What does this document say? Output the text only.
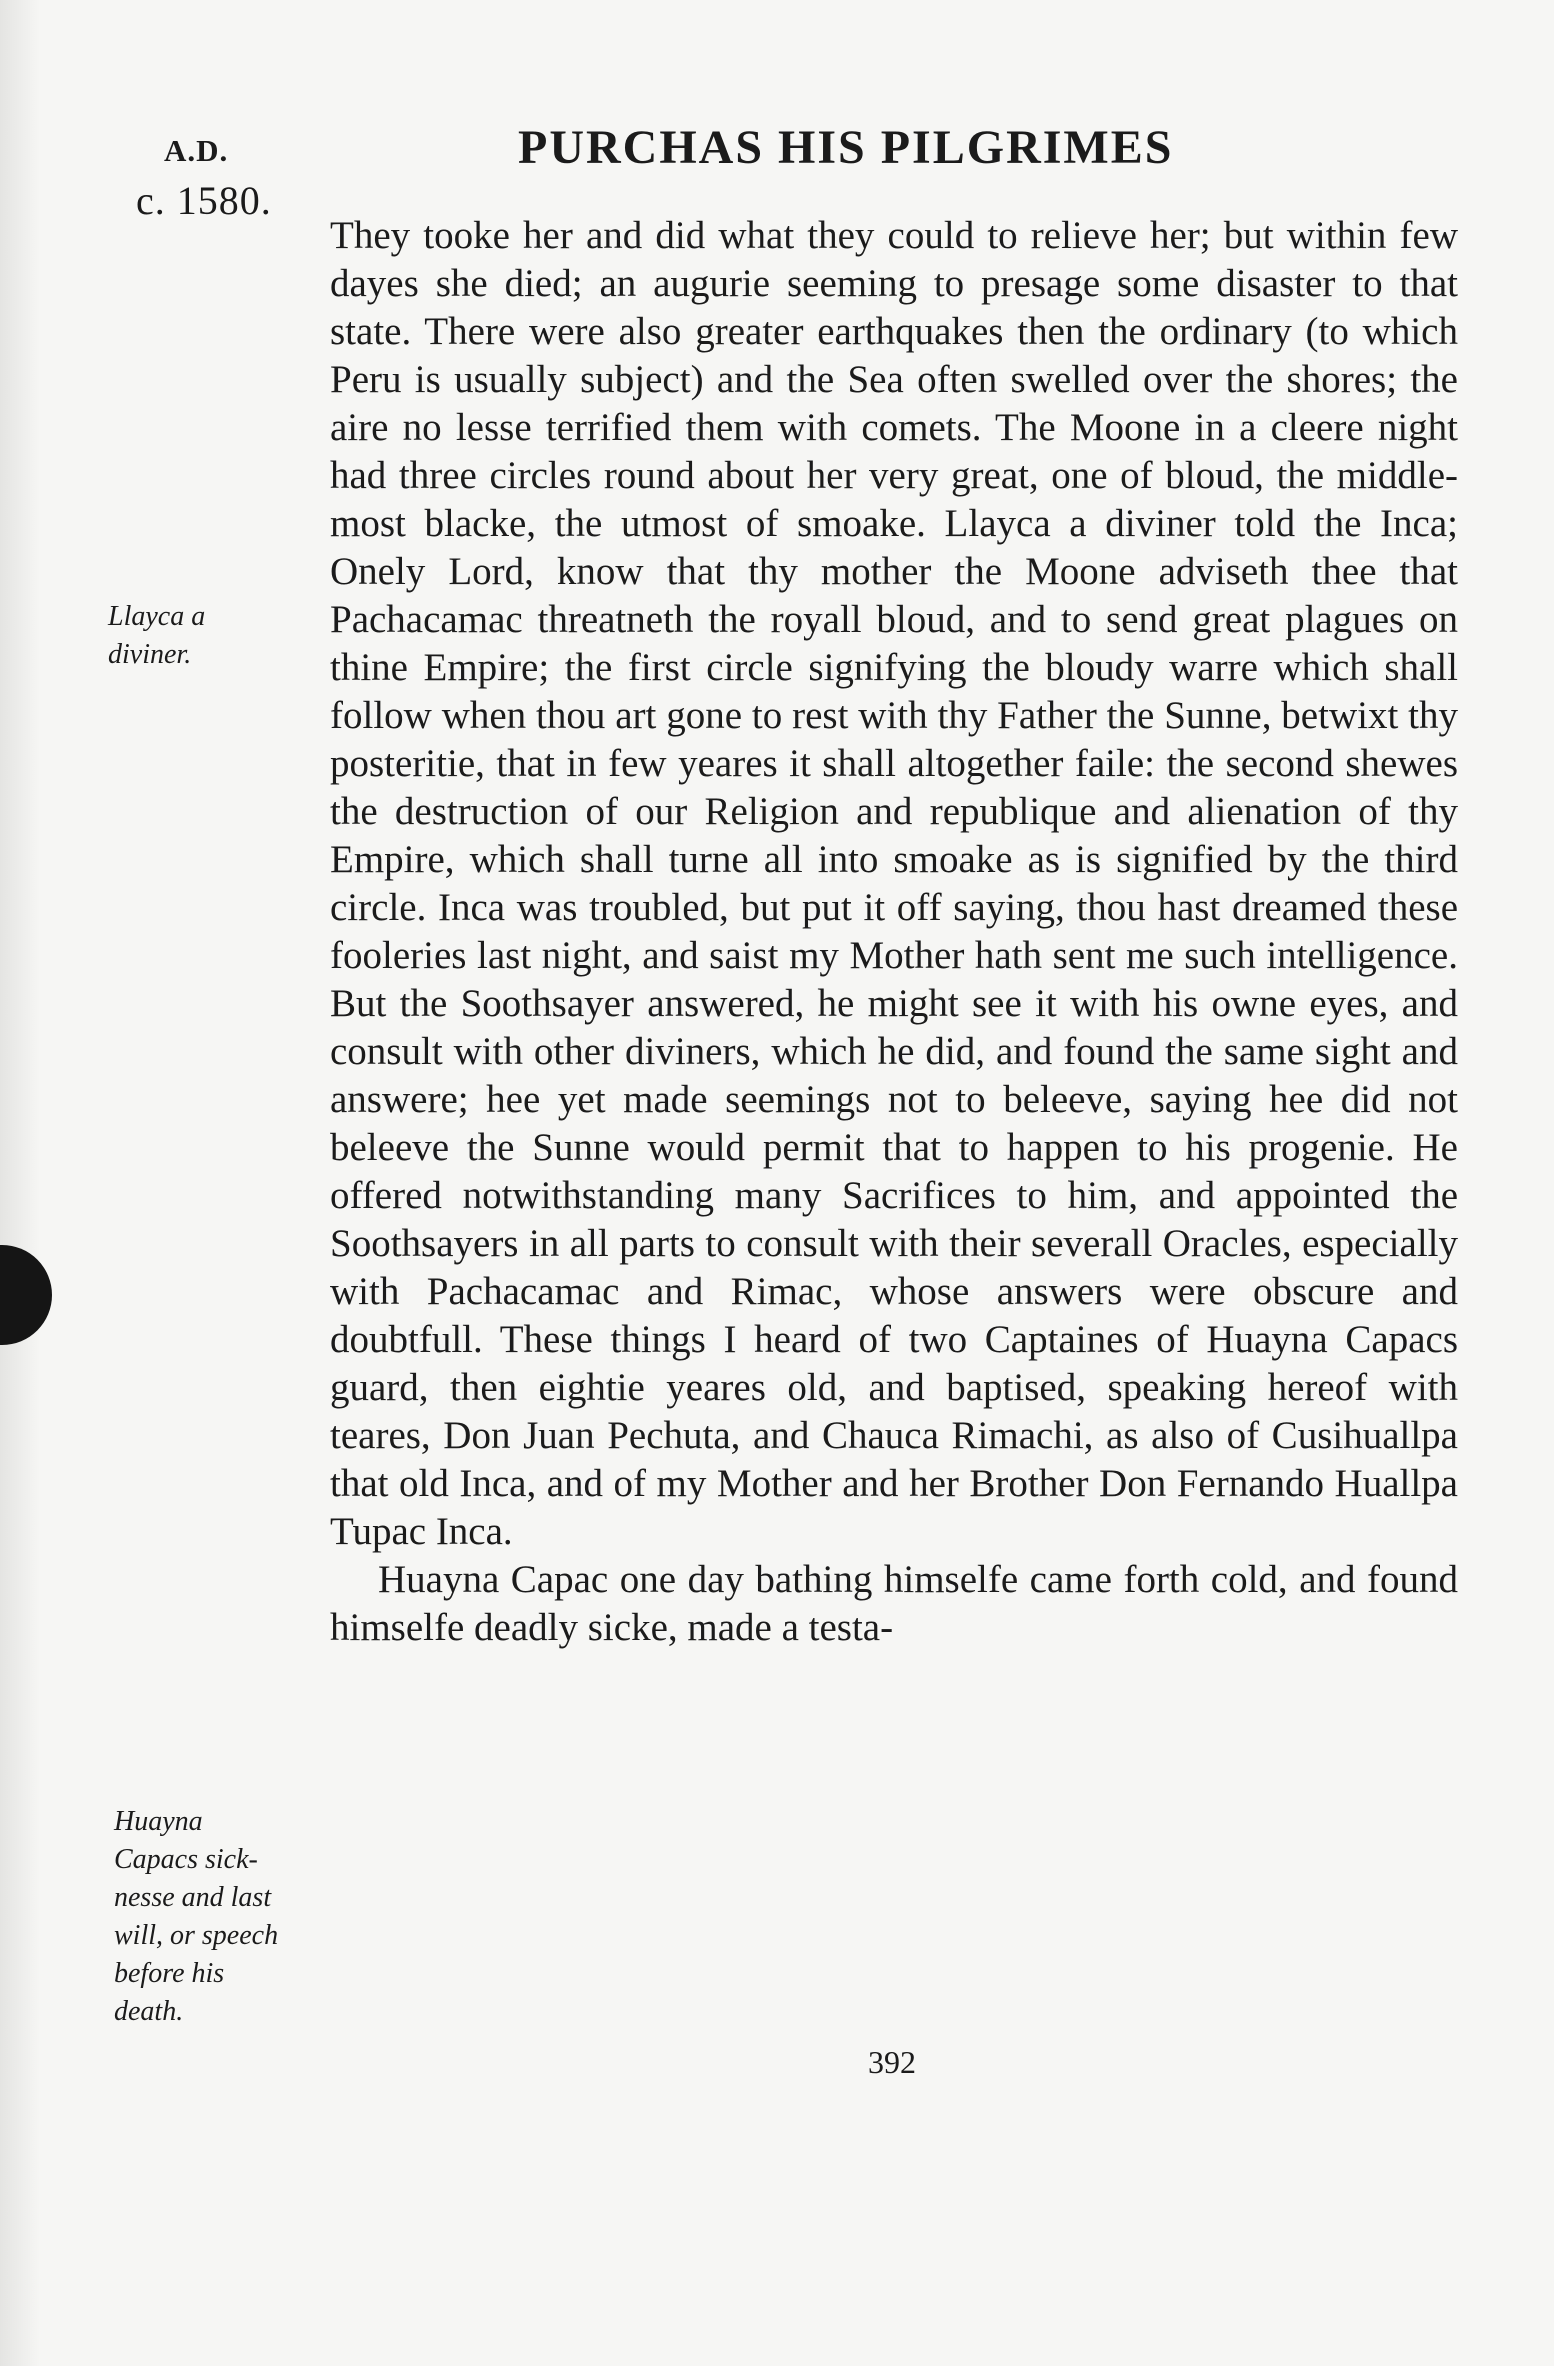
A.D.
c. 1580.
PURCHAS HIS PILGRIMES
Llayca a
diviner.
Huayna
Capacs sick-
nesse and last
will, or speech
before his
death.

They tooke her and did what they could to relieve her; but within few dayes she died; an augurie seeming to presage some disaster to that state. There were also greater earthquakes then the ordinary (to which Peru is usually subject) and the Sea often swelled over the shores; the aire no lesse terrified them with comets. The Moone in a cleere night had three circles round about her very great, one of bloud, the middle-most blacke, the utmost of smoake. Llayca a diviner told the Inca; Onely Lord, know that thy mother the Moone adviseth thee that Pachacamac threatneth the royall bloud, and to send great plagues on thine Empire; the first circle signifying the bloudy warre which shall follow when thou art gone to rest with thy Father the Sunne, betwixt thy posteritie, that in few yeares it shall altogether faile: the second shewes the destruction of our Religion and republique and alienation of thy Empire, which shall turne all into smoake as is signified by the third circle. Inca was troubled, but put it off saying, thou hast dreamed these fooleries last night, and saist my Mother hath sent me such intelligence. But the Soothsayer answered, he might see it with his owne eyes, and consult with other diviners, which he did, and found the same sight and answere; hee yet made seemings not to beleeve, saying hee did not beleeve the Sunne would permit that to happen to his progenie. He offered notwithstanding many Sacrifices to him, and appointed the Soothsayers in all parts to consult with their severall Oracles, especially with Pachacamac and Rimac, whose answers were obscure and doubtfull. These things I heard of two Captaines of Huayna Capacs guard, then eightie yeares old, and baptised, speaking hereof with teares, Don Juan Pechuta, and Chauca Rimachi, as also of Cusihuallpa that old Inca, and of my Mother and her Brother Don Fernando Huallpa Tupac Inca.

Huayna Capac one day bathing himselfe came forth cold, and found himselfe deadly sicke, made a testa-

392
